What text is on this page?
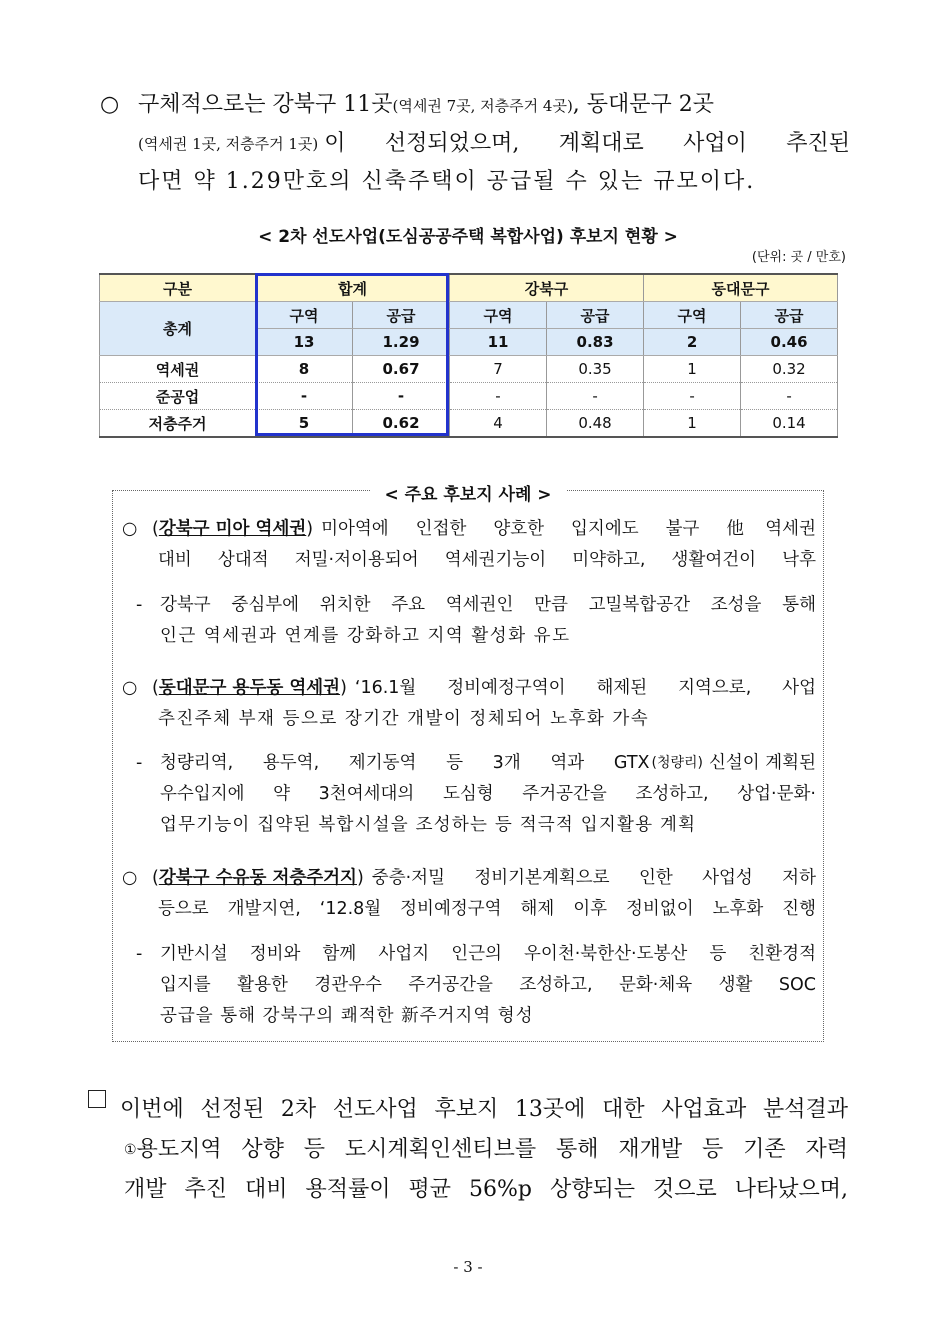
○ 구체적으로는 강북구 11곳(역세권 7곳, 저층주거 4곳), 동대문구 2곳
(역세권 1곳, 저층주거 1곳) 이 선정되었으며, 계획대로 사업이 추진된
다면 약 1.29만호의 신축주택이 공급될 수 있는 규모이다.
< 2차 선도사업(도심공공주택 복합사업) 후보지 현황 >
(단위: 곳 / 만호)
구분	합계		강북구		동대문구	
총계	구역	공급	구역	공급	구역	공급
	13	1.29	11	0.83	2	0.46
역세권	8	0.67	7	0.35	1	0.32
준공업	-	-	-	-	-	-
저층주거	5	0.62	4	0.48	1	0.14
< 주요 후보지 사례 >
○ (강북구 미아 역세권) 미아역에 인접한 양호한 입지에도 불구 他역세권
대비 상대적 저밀·저이용되어 역세권기능이 미약하고, 생활여건이 낙후
-	강북구 중심부에 위치한 주요 역세권인 만큼 고밀복합공간 조성을 통해
인근 역세권과 연계를 강화하고 지역 활성화 유도
○ (동대문구 용두동 역세권) ‘16.1월 정비예정구역이 해제된 지역으로, 사업
추진주체 부재 등으로 장기간 개발이 정체되어 노후화 가속
-	청량리역, 용두역, 제기동역 등 3개 역과 GTX (청량리) 신설이 계획된
우수입지에 약 3천여세대의 도심형 주거공간을 조성하고, 상업·문화·
업무기능이 집약된 복합시설을 조성하는 등 적극적 입지활용 계획
○ (강북구 수유동 저층주거지) 중층·저밀 정비기본계획으로 인한 사업성 저하
등으로 개발지연, ‘12.8월 정비예정구역 해제 이후 정비없이 노후화 진행
-	기반시설 정비와 함께 사업지 인근의 우이천·북한산·도봉산 등 친환경적
입지를 활용한 경관우수 주거공간을 조성하고, 문화·체육 생활 SOC
공급을 통해 강북구의 쾌적한 新주거지역 형성
이번에 선정된 2차 선도사업 후보지 13곳에 대한 사업효과 분석결과
① 용도지역 상향 등 도시계획인센티브를 통해 재개발 등 기존 자력
개발 추진 대비 용적률이 평균 56%p 상향되는 것으로 나타났으며,
- 3 -
